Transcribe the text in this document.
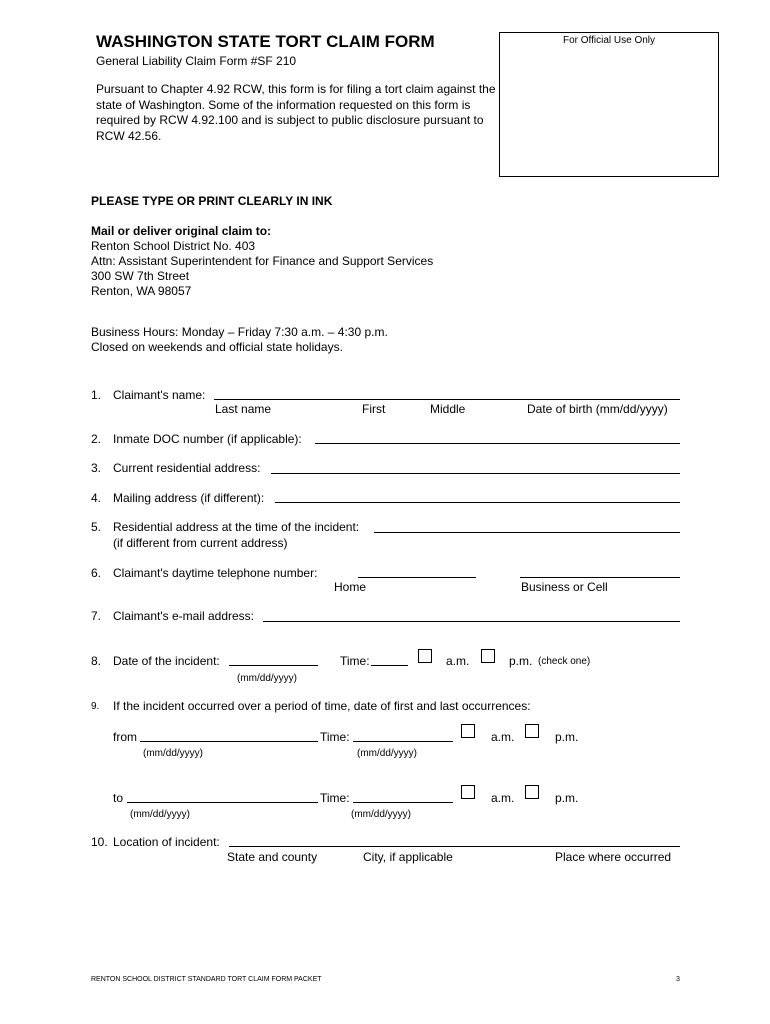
WASHINGTON STATE TORT CLAIM FORM
General Liability Claim Form #SF 210
Pursuant to Chapter 4.92 RCW, this form is for filing a tort claim against the state of Washington. Some of the information requested on this form is required by RCW 4.92.100 and is subject to public disclosure pursuant to RCW 42.56.
For Official Use Only
PLEASE TYPE OR PRINT CLEARLY IN INK
Mail or deliver original claim to:
Renton School District No. 403
Attn: Assistant Superintendent for Finance and Support Services
300 SW 7th Street
Renton, WA 98057
Business Hours: Monday – Friday 7:30 a.m. – 4:30 p.m.
Closed on weekends and official state holidays.
1. Claimant's name:
Last name	First	Middle	Date of birth (mm/dd/yyyy)
2. Inmate DOC number (if applicable):
3. Current residential address:
4. Mailing address (if different):
5. Residential address at the time of the incident:
(if different from current address)
6. Claimant's daytime telephone number:
Home	Business or Cell
7. Claimant's e-mail address:
8. Date of the incident:	Time:	a.m.	p.m. (check one)
(mm/dd/yyyy)
9. If the incident occurred over a period of time, date of first and last occurrences:
from	Time:	a.m.	p.m.
(mm/dd/yyyy)	(mm/dd/yyyy)
to	Time:	a.m.	p.m.
(mm/dd/yyyy)	(mm/dd/yyyy)
10. Location of incident:
State and county	City, if applicable	Place where occurred
RENTON SCHOOL DISTRICT STANDARD TORT CLAIM FORM PACKET	3
